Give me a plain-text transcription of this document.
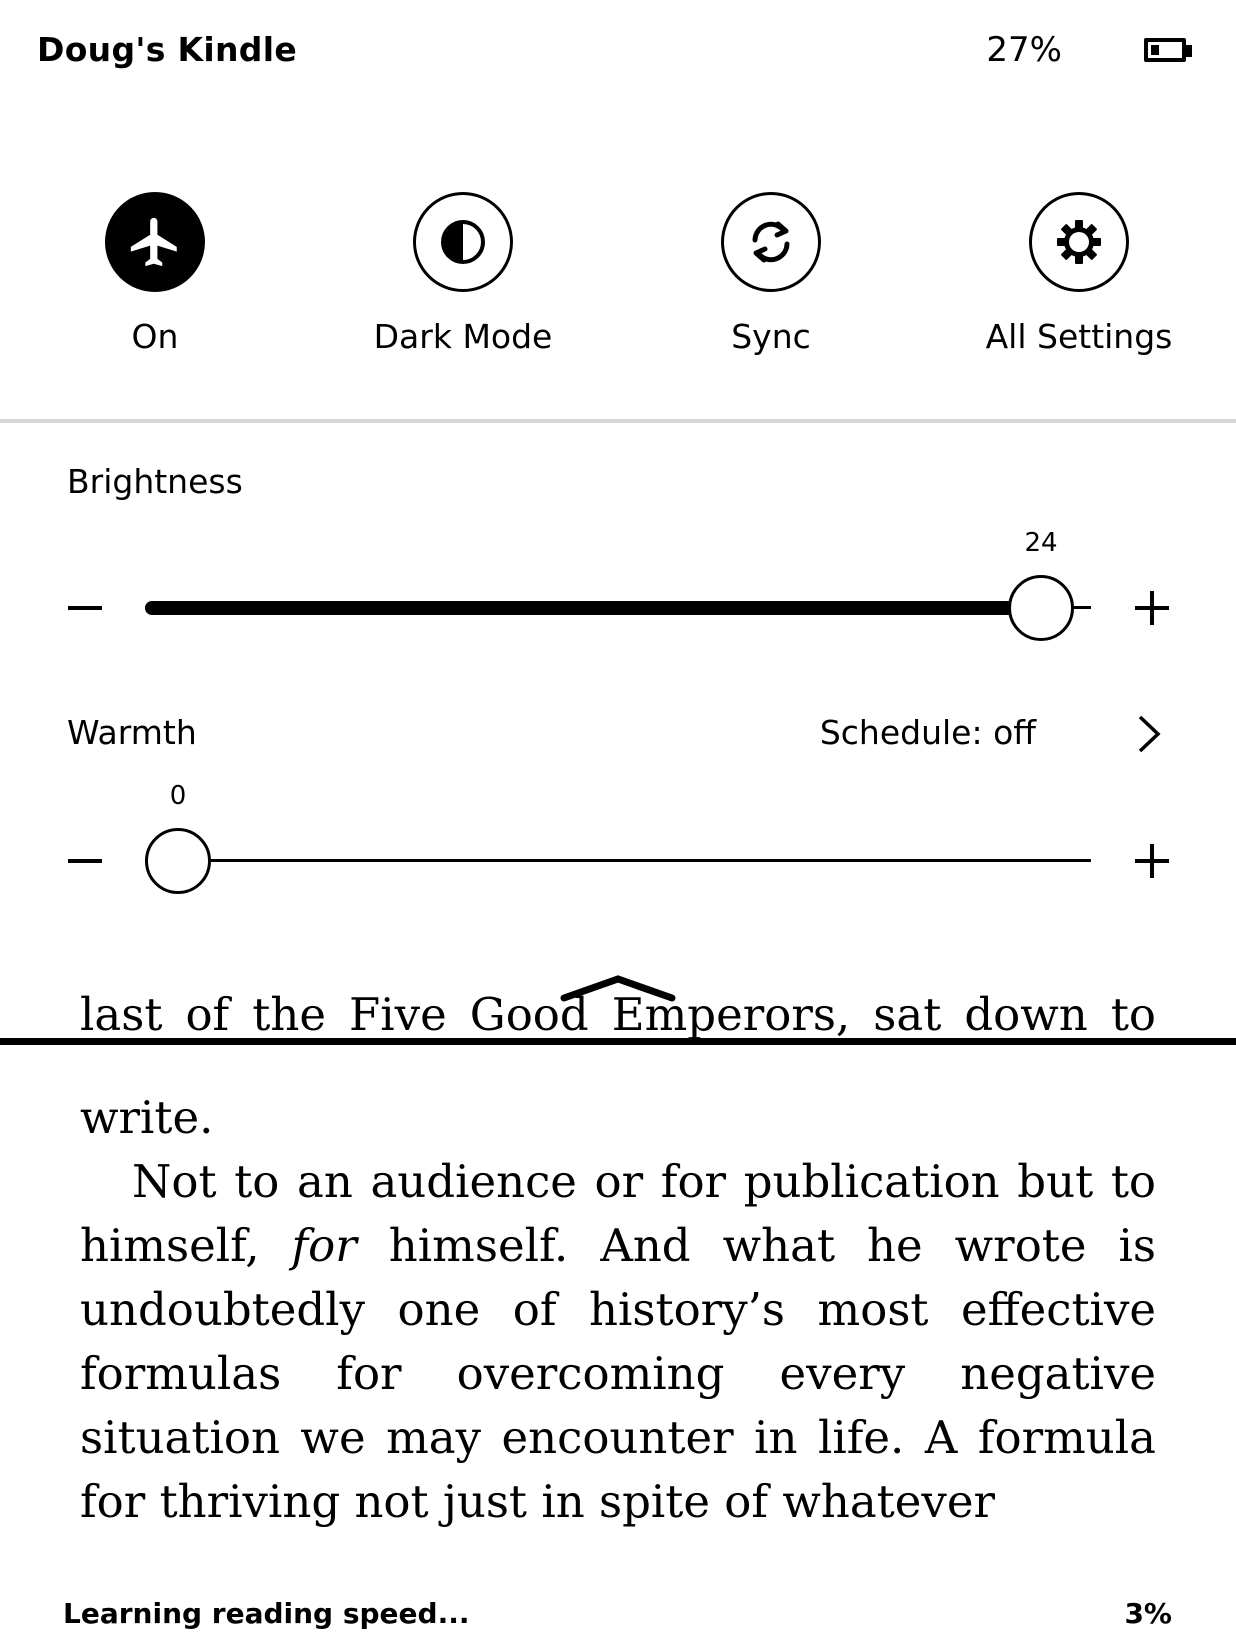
Doug's Kindle	27%
On	Dark Mode	Sync	All Settings
Brightness
24
Warmth	Schedule: off
0
last of the Five Good Emperors, sat down to

write.

Not to an audience or for publication but to himself, for himself. And what he wrote is undoubtedly one of history’s most effective formulas for overcoming every negative situation we may encounter in life. A formula for thriving not just in spite of whatever

Learning reading speed...	3%
